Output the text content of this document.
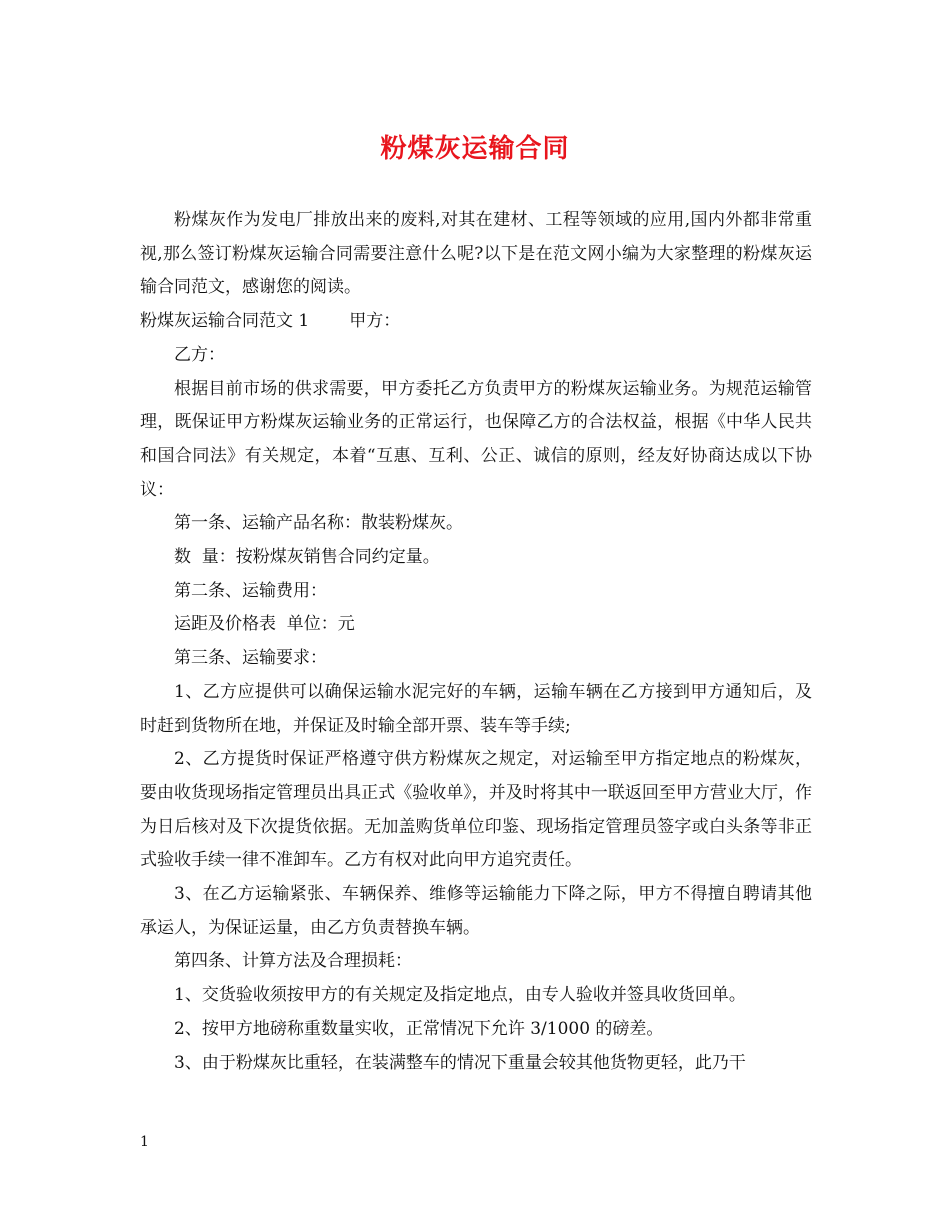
粉煤灰运输合同

粉煤灰作为发电厂排放出来的废料,对其在建材、工程等领域的应用,国内外都非常重视,那么签订粉煤灰运输合同需要注意什么呢?以下是在范文网小编为大家整理的粉煤灰运输合同范文，感谢您的阅读。

粉煤灰运输合同范文 1 甲方：

乙方：

根据目前市场的供求需要，甲方委托乙方负责甲方的粉煤灰运输业务。为规范运输管理，既保证甲方粉煤灰运输业务的正常运行，也保障乙方的合法权益，根据《中华人民共和国合同法》有关规定，本着“互惠、互利、公正、诚信的原则，经友好协商达成以下协议：

第一条、运输产品名称：散装粉煤灰。

数  量：按粉煤灰销售合同约定量。

第二条、运输费用：

运距及价格表  单位：元

第三条、运输要求：

1、乙方应提供可以确保运输水泥完好的车辆，运输车辆在乙方接到甲方通知后，及时赶到货物所在地，并保证及时输全部开票、装车等手续;

2、乙方提货时保证严格遵守供方粉煤灰之规定，对运输至甲方指定地点的粉煤灰，要由收货现场指定管理员出具正式《验收单》，并及时将其中一联返回至甲方营业大厅，作为日后核对及下次提货依据。无加盖购货单位印鉴、现场指定管理员签字或白头条等非正式验收手续一律不准卸车。乙方有权对此向甲方追究责任。

3、在乙方运输紧张、车辆保养、维修等运输能力下降之际，甲方不得擅自聘请其他承运人，为保证运量，由乙方负责替换车辆。

第四条、计算方法及合理损耗：

1、交货验收须按甲方的有关规定及指定地点，由专人验收并签具收货回单。

2、按甲方地磅称重数量实收，正常情况下允许 3/1000 的磅差。

3、由于粉煤灰比重轻，在装满整车的情况下重量会较其他货物更轻，此乃干

1
